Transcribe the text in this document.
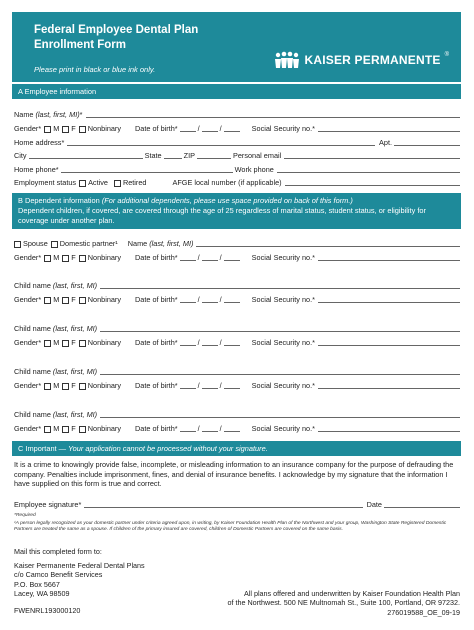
Federal Employee Dental Plan
Enrollment Form
Please print in black or blue ink only.
KAISER PERMANENTE ®
A Employee information
Name (last, first, MI) *
Gender* M F Nonbinary Date of birth*	/	/	Social Security no.*
Home address*	Apt.
City	State	ZIP	Personal email
Home phone*	Work phone
Employment status Active Retired	AFGE local number (if applicable)
B Dependent information (For additional dependents, please use space provided on back of this form.)
Dependent children, if covered, are covered through the age of 25 regardless of marital status, student status, or eligibility for coverage under another plan.
Spouse Domestic partner¹ Name (last, first, MI)
Gender* M F Nonbinary Date of birth*	/	/	Social Security no.*
Child name (last, first, MI)
Gender* M F Nonbinary Date of birth*	/	/	Social Security no.*
Child name (last, first, MI)
Gender* M F Nonbinary Date of birth*	/	/	Social Security no.*
Child name (last, first, MI)
Gender* M F Nonbinary Date of birth*	/	/	Social Security no.*
Child name (last, first, MI)
Gender* M F Nonbinary Date of birth*	/	/	Social Security no.*
C Important — Your application cannot be processed without your signature.
It is a crime to knowingly provide false, incomplete, or misleading information to an insurance company for the purpose of defrauding the company. Penalties include imprisonment, fines, and denial of insurance benefits. I acknowledge by my signature that the information I have supplied on this form is true and correct.
Employee signature*	Date
*Required
¹A person legally recognized as your domestic partner under criteria agreed upon, in writing, by Kaiser Foundation Health Plan of the Northwest and your group, Washington State Registered Domestic Partners are treated the same as a spouse. If children of the primary insured are covered, children of Domestic Partners are covered on the same basis.
Mail this completed form to:
Kaiser Permanente Federal Dental Plans
c/o Camco Benefit Services
P.O. Box 5667
Lacey, WA 98509
FWENRL193000120
All plans offered and underwritten by Kaiser Foundation Health Plan
of the Northwest. 500 NE Multnomah St., Suite 100, Portland, OR 97232.
276019588_OE_09-19
